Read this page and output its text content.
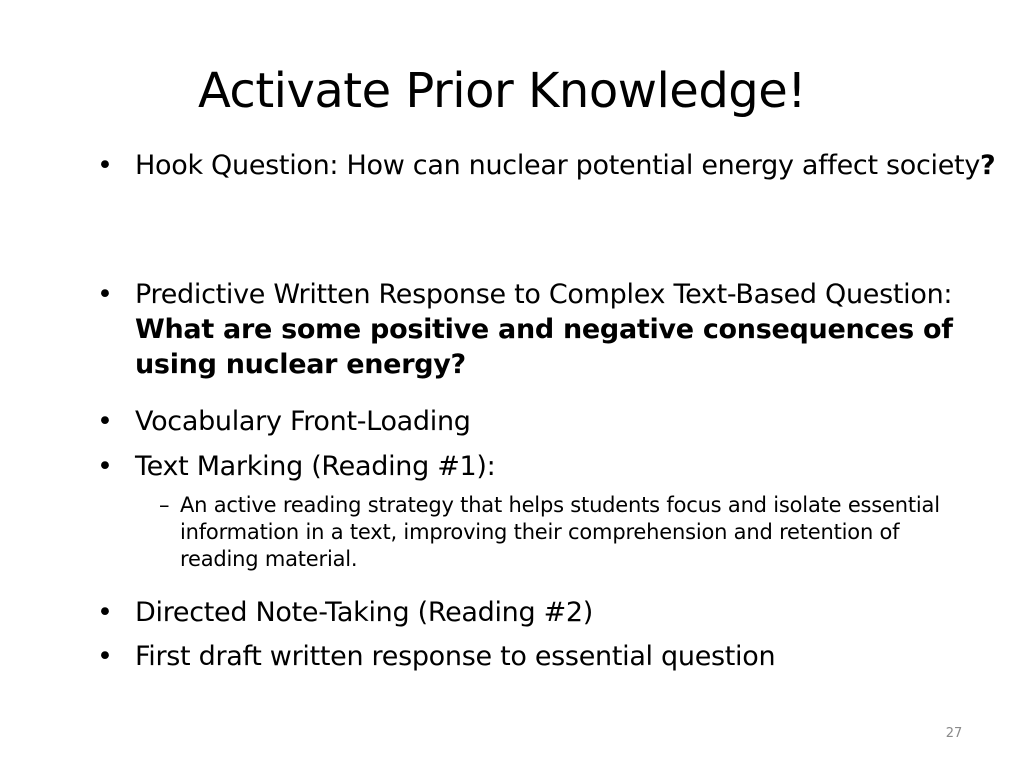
Activate Prior Knowledge!
• Hook Question: How can nuclear potential energy affect society?
• Predictive Written Response to Complex Text-Based Question: What are some positive and negative consequences of using nuclear energy?
• Vocabulary Front-Loading
• Text Marking (Reading #1):
– An active reading strategy that helps students focus and isolate essential information in a text, improving their comprehension and retention of reading material.
• Directed Note-Taking (Reading #2)
• First draft written response to essential question
27
